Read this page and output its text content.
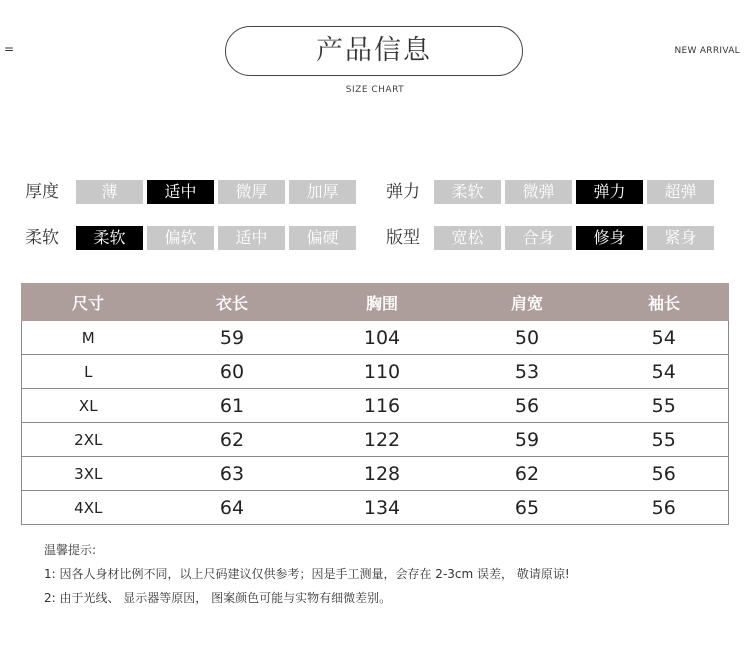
产品信息
SIZE CHART
=	NEW ARRIVAL
厚度	薄	适中	微厚	加厚	弹力	柔软	微弹	弹力	超弹
柔软	柔软	偏软	适中	偏硬	版型	宽松	合身	修身	紧身
尺寸	衣长	胸围	肩宽	袖长
M	59	104	50	54
L	60	110	53	54
XL	61	116	56	55
2XL	62	122	59	55
3XL	63	128	62	56
4XL	64	134	65	56
温馨提示:
1: 因各人身材比例不同，以上尺码建议仅供参考；因是手工测量，会存在 2-3cm 误差， 敬请原谅!
2: 由于光线、 显示器等原因， 图案颜色可能与实物有细微差别。
